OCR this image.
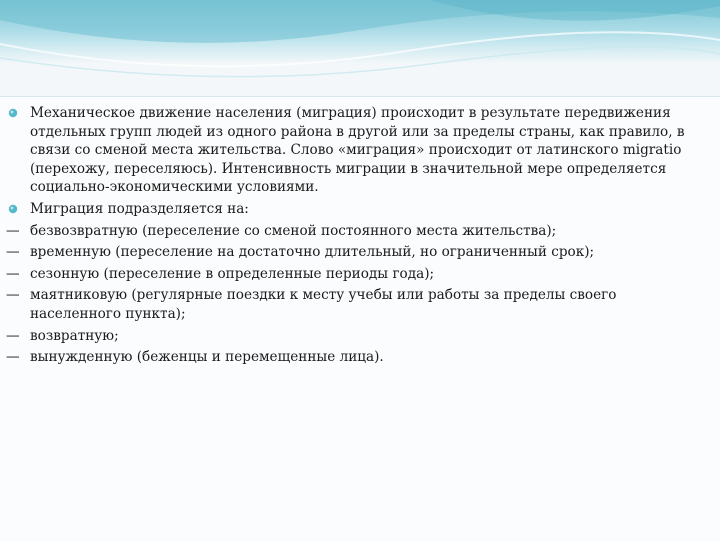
Механическое движение населения (миграция) происходит в результате передвижения отдельных групп людей из одного района в другой или за пределы страны, как правило, в связи со сменой места жительства. Слово «миграция» происходит от латинского migratio (перехожу, переселяюсь). Интенсивность миграции в значительной мере определяется социально-экономическими условиями.
Миграция подразделяется на:
— безвозвратную (переселение со сменой постоянного места жительства);
— временную (переселение на достаточно длительный, но ограниченный срок);
— сезонную (переселение в определенные периоды года);
— маятниковую (регулярные поездки к месту учебы или работы за пределы своего населенного пункта);
— возвратную;
— вынужденную (беженцы и перемещенные лица).
